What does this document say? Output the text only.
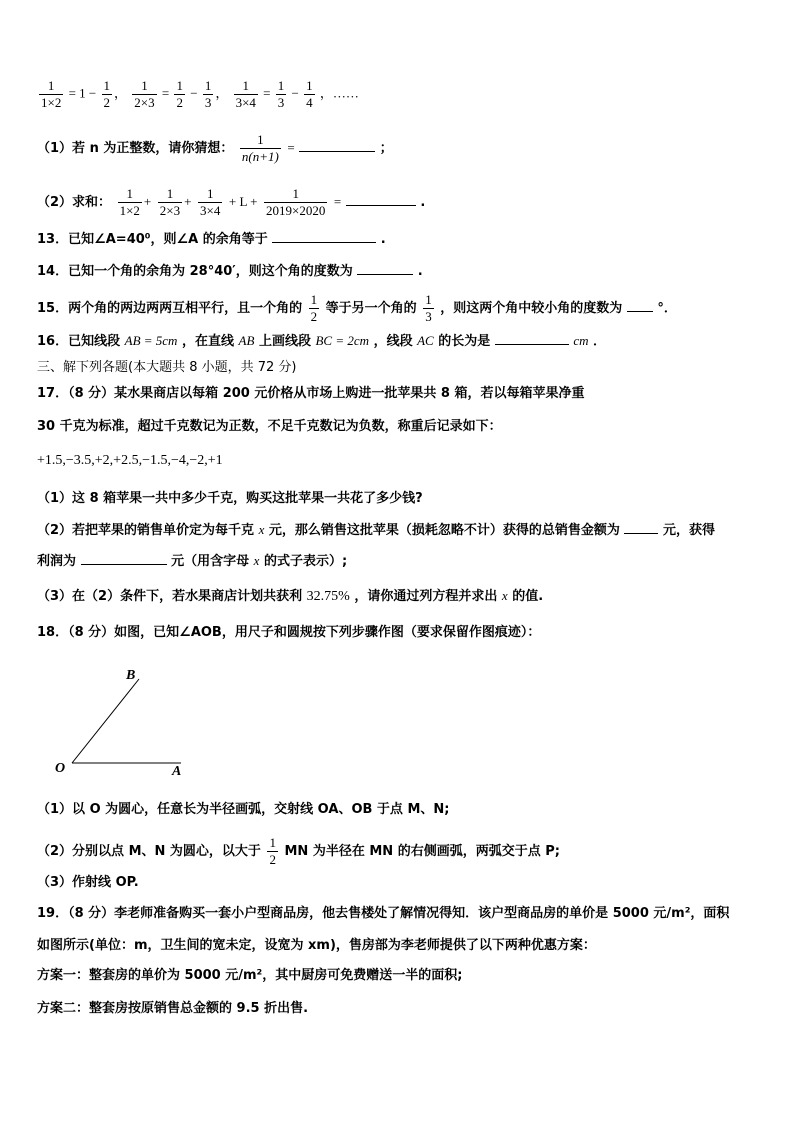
$\frac{1}{1\times 2} = 1 - \frac{1}{2}$ ， $\frac{1}{2\times 3} = \frac{1}{2} - \frac{1}{3}$ ， $\frac{1}{3\times 4} = \frac{1}{3} - \frac{1}{4}$ ，……
（1）若 n 为正整数，请你猜想： $\frac{1}{n(n+1)}$ =	；
（2）求和： $\frac{1}{1\times 2} + \frac{1}{2\times 3} + \frac{1}{3\times 4} + L + \frac{1}{2019\times 2020}$ =	.
13．已知∠A=40⁰，则∠A 的余角等于	.
14．已知一个角的余角为 28°40′，则这个角的度数为	.
15．两个角的两边两两互相平行，且一个角的 $\frac{1}{2}$ 等于另一个角的 $\frac{1}{3}$ ，则这两个角中较小角的度数为	°．
16．已知线段 AB = 5cm ，在直线 AB 上画线段 BC = 2cm ，线段 AC 的长为是	cm ．
三、解下列各题(本大题共 8 小题，共 72 分)
17．（8 分）某水果商店以每箱 200 元价格从市场上购进一批苹果共 8 箱，若以每箱苹果净重
30 千克为标准，超过千克数记为正数，不足千克数记为负数，称重后记录如下：
+1.5,−3.5,+2,+2.5,−1.5,−4,−2,+1
（1）这 8 箱苹果一共中多少千克，购买这批苹果一共花了多少钱?
（2）若把苹果的销售单价定为每千克 x 元，那么销售这批苹果（损耗忽略不计）获得的总销售金额为	元，获得
利润为	元（用含字母 x 的式子表示）;
（3）在（2）条件下，若水果商店计划共获利 32.75% ，请你通过列方程并求出 x 的值.
18．（8 分）如图，已知∠AOB，用尺子和圆规按下列步骤作图（要求保留作图痕迹）：
B
O	A
（1）以 O 为圆心，任意长为半径画弧，交射线 OA、OB 于点 M、N;
（2）分别以点 M、N 为圆心，以大于 $\frac{1}{2}$ MN 为半径在 MN 的右侧画弧，两弧交于点 P;
（3）作射线 OP.
19．（8 分）李老师准备购买一套小户型商品房，他去售楼处了解情况得知．该户型商品房的单价是 5000 元/m²，面积
如图所示(单位：m，卫生间的宽未定，设宽为 xm)，售房部为李老师提供了以下两种优惠方案：
方案一：整套房的单价为 5000 元/m²，其中厨房可免费赠送一半的面积;
方案二：整套房按原销售总金额的 9.5 折出售.
